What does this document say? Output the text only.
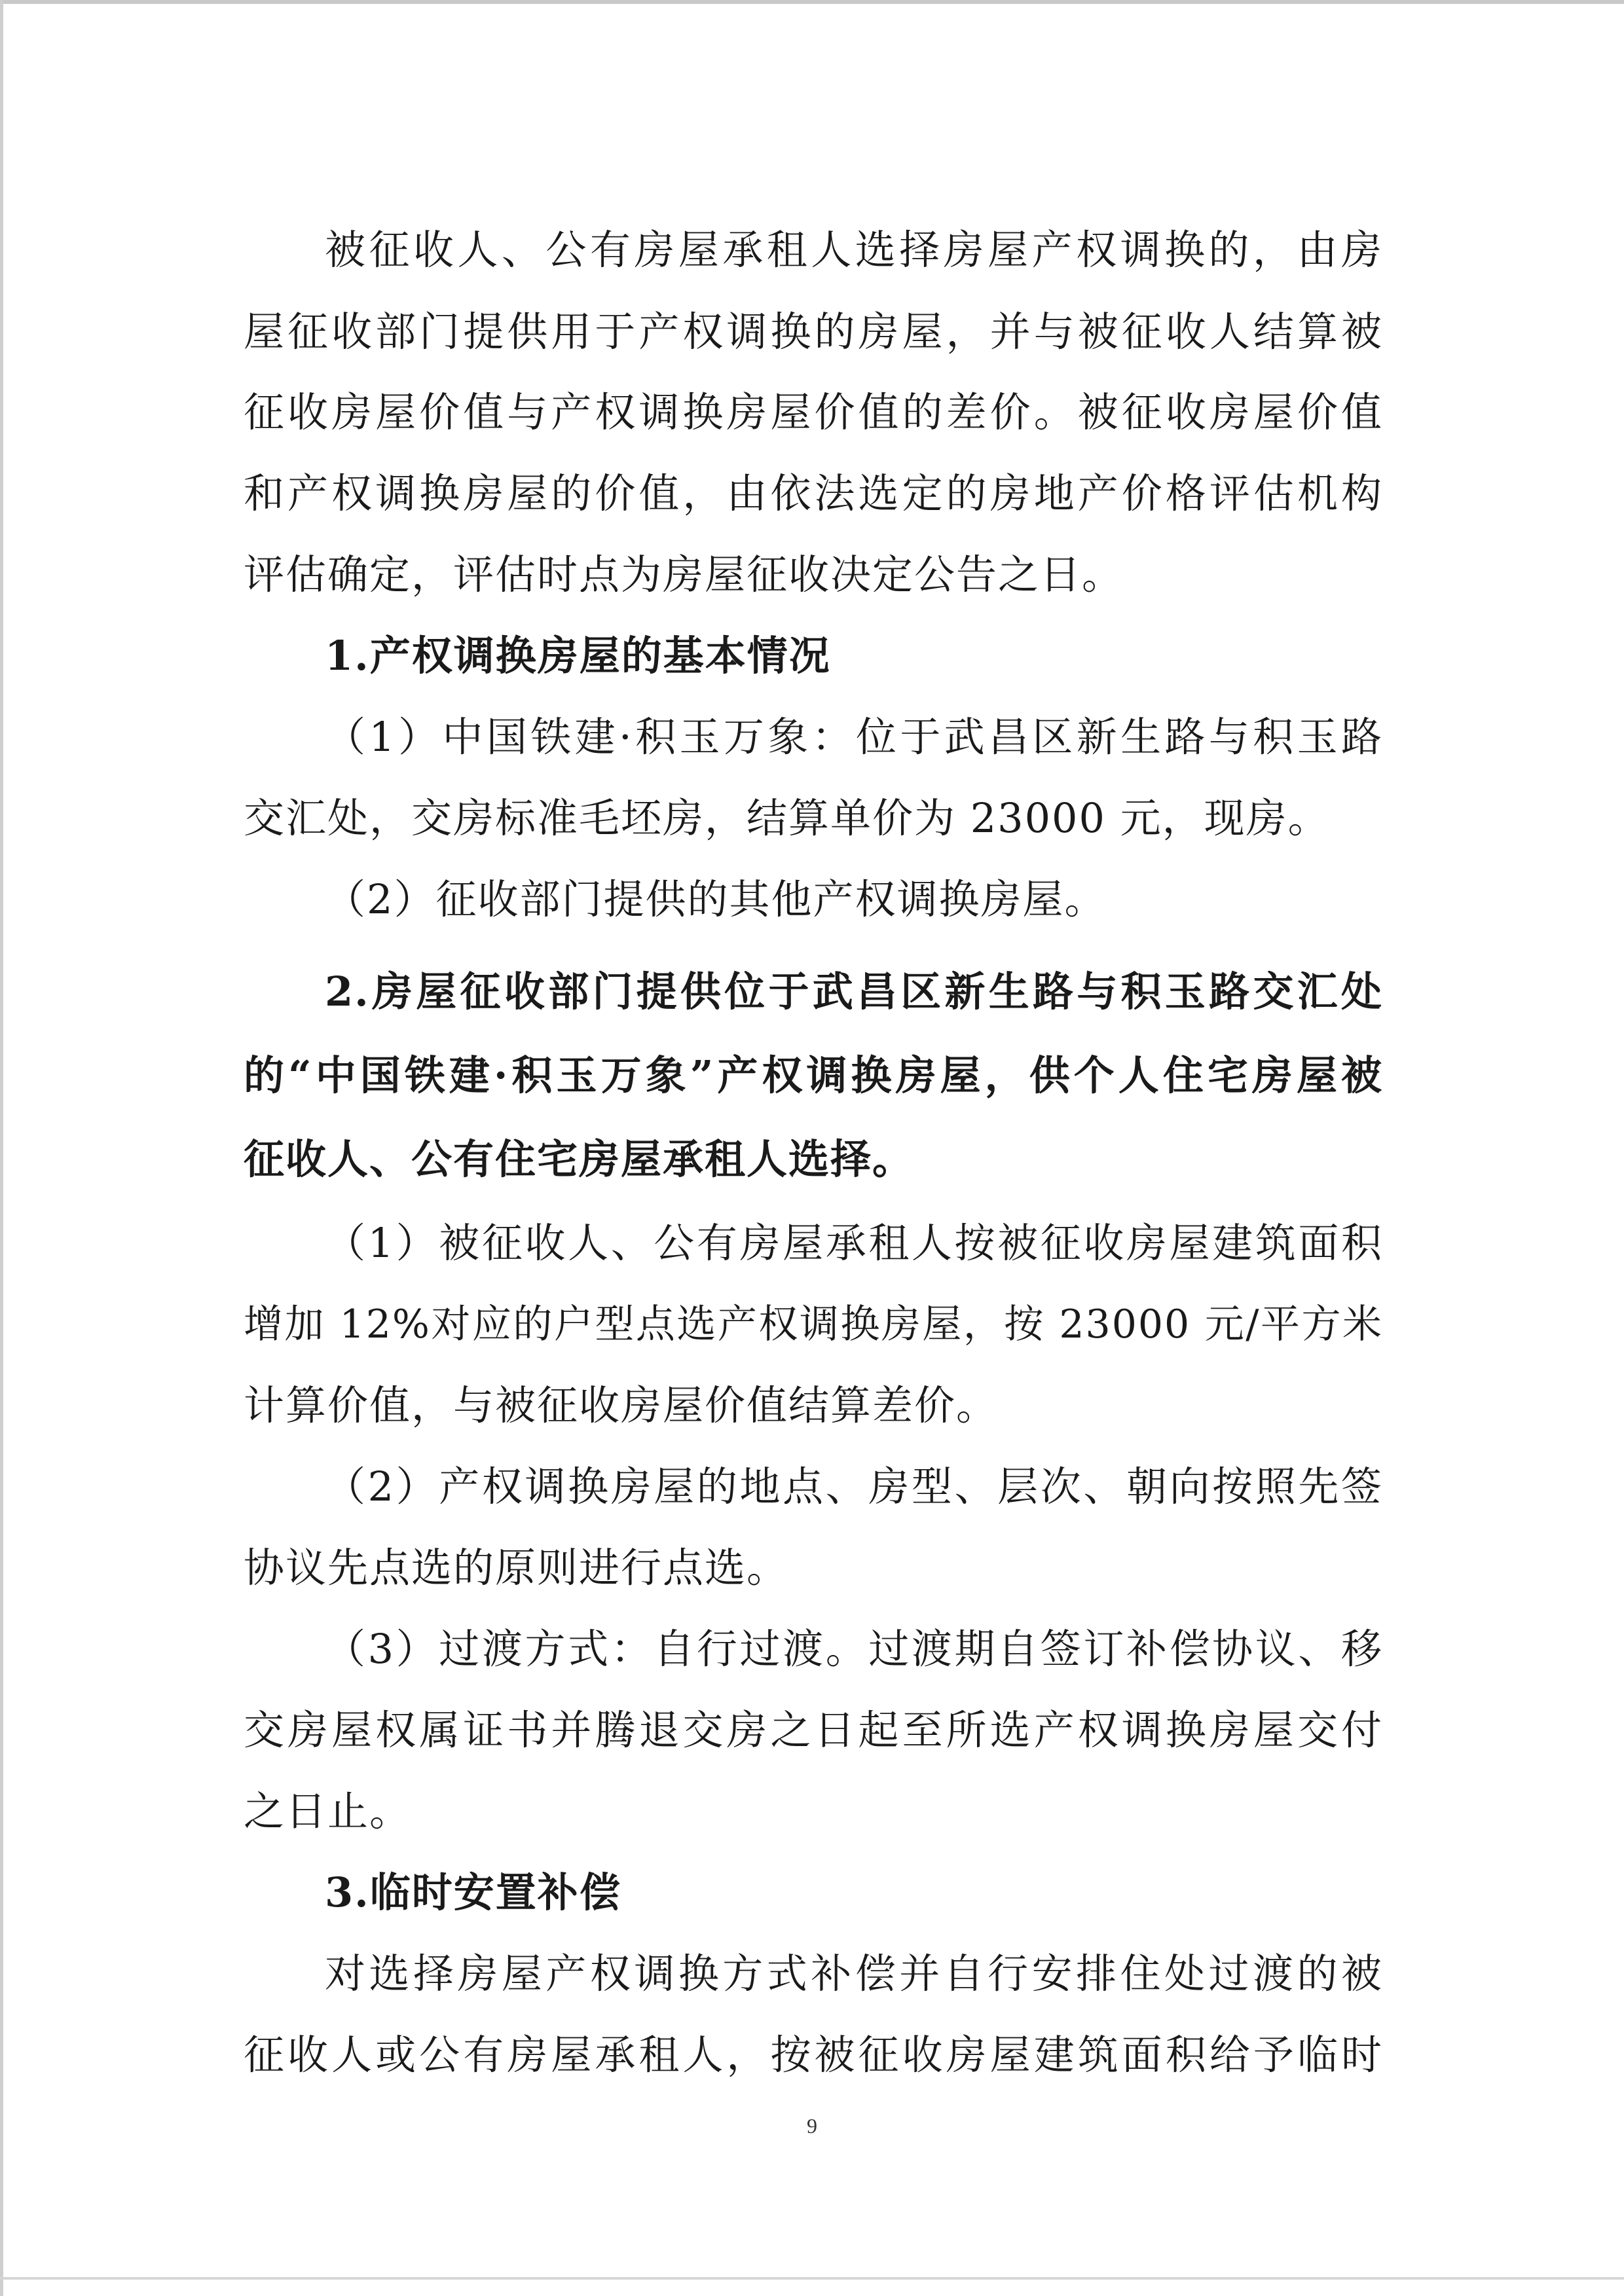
被征收人、公有房屋承租人选择房屋产权调换的，由房
屋征收部门提供用于产权调换的房屋，并与被征收人结算被
征收房屋价值与产权调换房屋价值的差价。被征收房屋价值
和产权调换房屋的价值，由依法选定的房地产价格评估机构
评估确定，评估时点为房屋征收决定公告之日。
1.产权调换房屋的基本情况
（1）中国铁建·积玉万象：位于武昌区新生路与积玉路
交汇处，交房标准毛坯房，结算单价为 23000 元，现房。
（2）征收部门提供的其他产权调换房屋。
2.房屋征收部门提供位于武昌区新生路与积玉路交汇处
的“中国铁建·积玉万象”产权调换房屋，供个人住宅房屋被
征收人、公有住宅房屋承租人选择。
（1）被征收人、公有房屋承租人按被征收房屋建筑面积
增加 12%对应的户型点选产权调换房屋，按 23000 元/平方米
计算价值，与被征收房屋价值结算差价。
（2）产权调换房屋的地点、房型、层次、朝向按照先签
协议先点选的原则进行点选。
（3）过渡方式：自行过渡。过渡期自签订补偿协议、移
交房屋权属证书并腾退交房之日起至所选产权调换房屋交付
之日止。
3.临时安置补偿
对选择房屋产权调换方式补偿并自行安排住处过渡的被
征收人或公有房屋承租人，按被征收房屋建筑面积给予临时
9
